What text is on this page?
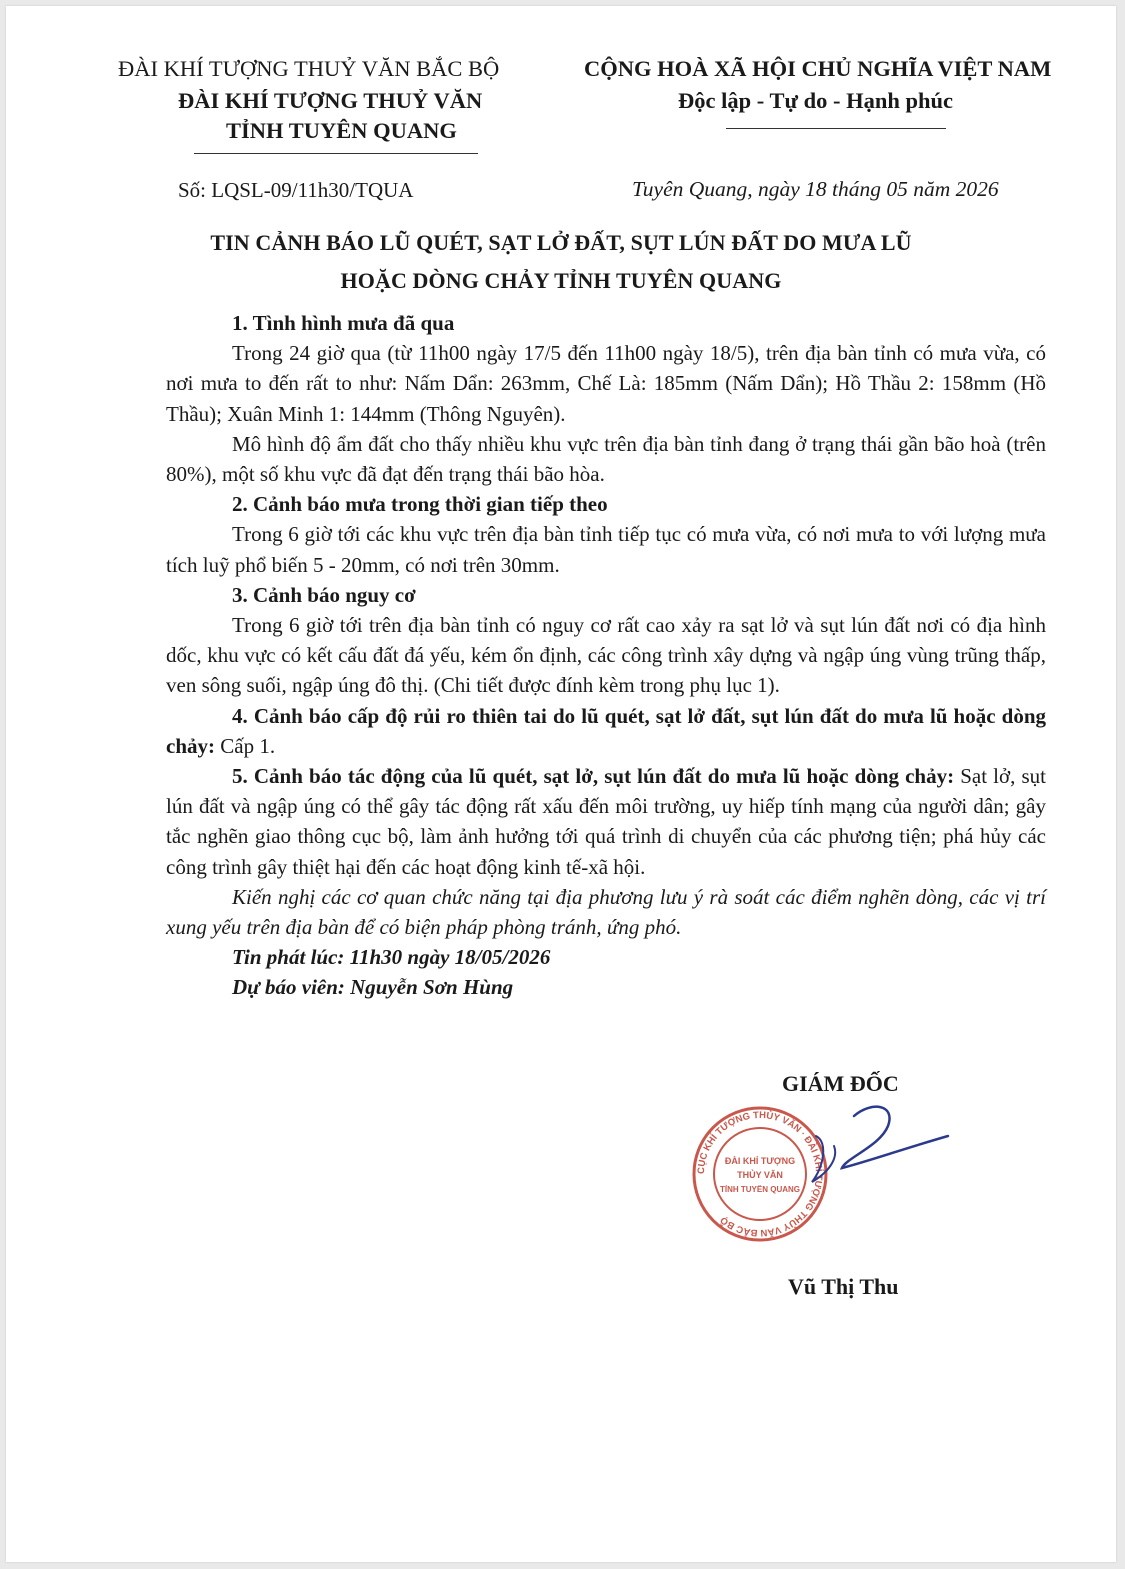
ĐÀI KHÍ TƯỢNG THUỶ VĂN BẮC BỘ
ĐÀI KHÍ TƯỢNG THUỶ VĂN
TỈNH TUYÊN QUANG
CỘNG HOÀ XÃ HỘI CHỦ NGHĨA VIỆT NAM
Độc lập - Tự do - Hạnh phúc
Số: LQSL-09/11h30/TQUA	Tuyên Quang, ngày 18 tháng 05 năm 2026
TIN CẢNH BÁO LŨ QUÉT, SẠT LỞ ĐẤT, SỤT LÚN ĐẤT DO MƯA LŨ
HOẶC DÒNG CHẢY TỈNH TUYÊN QUANG

1. Tình hình mưa đã qua

Trong 24 giờ qua (từ 11h00 ngày 17/5 đến 11h00 ngày 18/5), trên địa bàn tỉnh có mưa vừa, có nơi mưa to đến rất to như: Nấm Dẩn: 263mm, Chế Là: 185mm (Nấm Dẩn); Hồ Thầu 2: 158mm (Hồ Thầu); Xuân Minh 1: 144mm (Thông Nguyên).

Mô hình độ ẩm đất cho thấy nhiều khu vực trên địa bàn tỉnh đang ở trạng thái gần bão hoà (trên 80%), một số khu vực đã đạt đến trạng thái bão hòa.

2. Cảnh báo mưa trong thời gian tiếp theo

Trong 6 giờ tới các khu vực trên địa bàn tỉnh tiếp tục có mưa vừa, có nơi mưa to với lượng mưa tích luỹ phổ biến 5 - 20mm, có nơi trên 30mm.

3. Cảnh báo nguy cơ

Trong 6 giờ tới trên địa bàn tỉnh có nguy cơ rất cao xảy ra sạt lở và sụt lún đất nơi có địa hình dốc, khu vực có kết cấu đất đá yếu, kém ổn định, các công trình xây dựng và ngập úng vùng trũng thấp, ven sông suối, ngập úng đô thị. (Chi tiết được đính kèm trong phụ lục 1).

4. Cảnh báo cấp độ rủi ro thiên tai do lũ quét, sạt lở đất, sụt lún đất do mưa lũ hoặc dòng chảy: Cấp 1.

5. Cảnh báo tác động của lũ quét, sạt lở, sụt lún đất do mưa lũ hoặc dòng chảy: Sạt lở, sụt lún đất và ngập úng có thể gây tác động rất xấu đến môi trường, uy hiếp tính mạng của người dân; gây tắc nghẽn giao thông cục bộ, làm ảnh hưởng tới quá trình di chuyển của các phương tiện; phá hủy các công trình gây thiệt hại đến các hoạt động kinh tế-xã hội.

Kiến nghị các cơ quan chức năng tại địa phương lưu ý rà soát các điểm nghẽn dòng, các vị trí xung yếu trên địa bàn để có biện pháp phòng tránh, ứng phó.

Tin phát lúc: 11h30 ngày 18/05/2026

Dự báo viên: Nguyễn Sơn Hùng

GIÁM ĐỐC
CỤC KHÍ TƯỢNG THỦY VĂN · ĐÀI KHÍ TƯỢNG THỦY VĂN BẮC BỘ
ĐÀI KHÍ TƯỢNG
THỦY VĂN
TỈNH TUYÊN QUANG
Vũ Thị Thu
